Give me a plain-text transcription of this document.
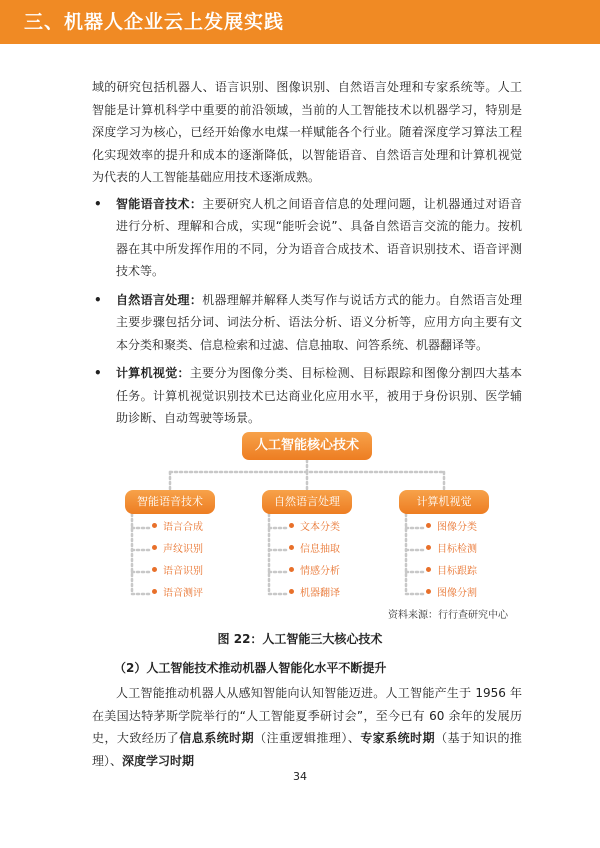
三、机器人企业云上发展实践

域的研究包括机器人、语言识别、图像识别、自然语言处理和专家系统等。人工智能是计算机科学中重要的前沿领域，当前的人工智能技术以机器学习，特别是深度学习为核心，已经开始像水电煤一样赋能各个行业。随着深度学习算法工程化实现效率的提升和成本的逐渐降低，以智能语音、自然语言处理和计算机视觉为代表的人工智能基础应用技术逐渐成熟。

• 智能语音技术：主要研究人机之间语音信息的处理问题，让机器通过对语音进行分析、理解和合成，实现“能听会说”、具备自然语言交流的能力。按机器在其中所发挥作用的不同，分为语音合成技术、语音识别技术、语音评测技术等。
• 自然语言处理：机器理解并解释人类写作与说话方式的能力。自然语言处理主要步骤包括分词、词法分析、语法分析、语义分析等，应用方向主要有文本分类和聚类、信息检索和过滤、信息抽取、问答系统、机器翻译等。
• 计算机视觉：主要分为图像分类、目标检测、目标跟踪和图像分割四大基本任务。计算机视觉识别技术已达商业化应用水平，被用于身份识别、医学辅助诊断、自动驾驶等场景。
人工智能核心技术
智能语音技术	自然语言处理	计算机视觉
语言合成
声纹识别
语音识别
语音测评
文本分类
信息抽取
情感分析
机器翻译
图像分类
目标检测
目标跟踪
图像分割
资料来源：行行查研究中心
图 22：人工智能三大核心技术
（2）人工智能技术推动机器人智能化水平不断提升

人工智能推动机器人从感知智能向认知智能迈进。人工智能产生于 1956 年在美国达特茅斯学院举行的“人工智能夏季研讨会”，至今已有 60 余年的发展历史，大致经历了信息系统时期（注重逻辑推理）、专家系统时期（基于知识的推理）、深度学习时期

34
